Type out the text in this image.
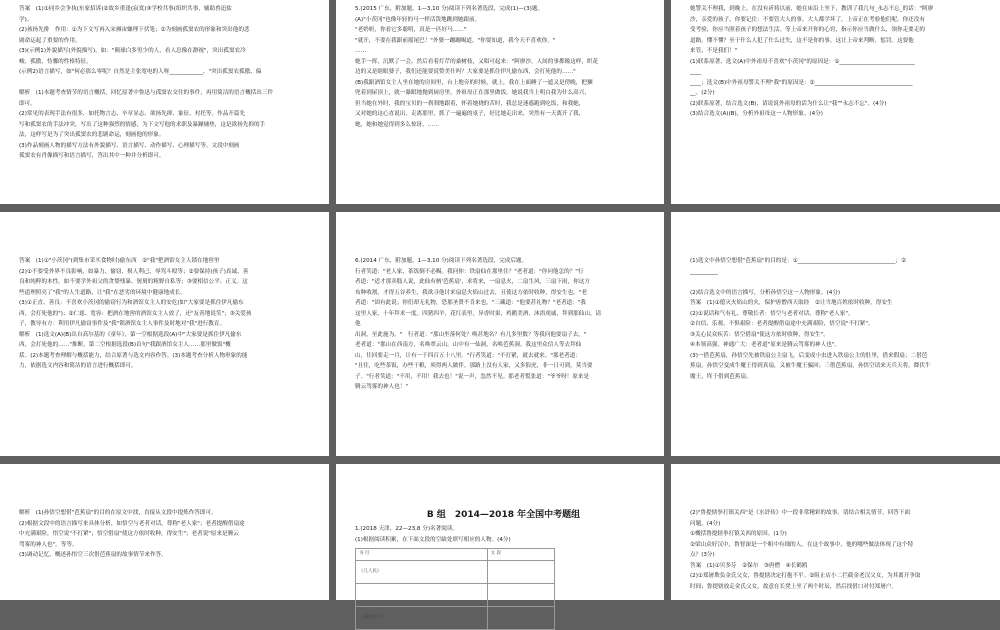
答案　(1)①同乡会争执(东家招诉)②故乡重逢(寂寞)③学校共事(组织共事，辅助兽迅盐
学)。
(2)孩扬先排　作用：①为下文写再入宋褥宙嫌理下伏笔；②为刻画孤窦农的形象和突出他的悲
剧命运起了重要的作用。
(3)(示例1)外貌描写(外貌描写)，如："颠球白多男少的人，看人总像在渺视"，突出孤窦农冷
峻、孤傲、恃馨的性格特征。
(示例2)语言描写，如"何必那么零呢？自然是主张宽电的人呀____________，"突出孤窦农孤傲、偏

解析　(1)本题考查情节的语言概括，回忆原著中鲁迅与孤窦农交往的事件，再用简洁的语言概括出三件
即可。
(2)常见的表现手法有很多，如托物言志、卒章显志、欲扬先抑、象征、衬托等。作品开篇先
写和孤窦农的手法冲突，写出了这种强烈的情感，为下文写他的求职及暴躁辅垫，这是欲扬先抑的手
法，这样写是为了突出孤窦农的悲剧命运，刻画他的形象。
(3)作品刻画人物的描写方法有外貌描写、语言描写、动作描写、心理描写等。文段中刻画
孤窦农有肖像描写和语言描写，答出其中一种并分析即可。
5.(2015 广东，附加题，1—3,10 分)阅读下列名著选段，完成(1)—(3)题。
(A)"小茨冈"也像年轻的马一样活泼地跳到她跟前。
"老奶奶，你看它多聪明，真是一匹好马……"
"就开，不要在我跟前摇尾巴！"外婆一蹦蹦喝道，"你要知道，我今天不喜欢你。"
……
她手一挥，沉默了一会，然后看着灯芹的桑树枝，又唱可起来："阿廖沙，人间的事都像这样，织花
边的又是瞎眼婆子，我们还能要说赞美什吗？大家要是抓住伊凡偷东西，会打死他的……"
(B)我跟酒馆女主人坐在她的房间里，台上地旁的时候，就上，我在上面睡了一遮又是傍晚，把捆
兜着到屋顶上，就一瀑眼地抛到厨房里，外祖母正在那里做饭。她说我当上明白我为什么高兴，
但当她在外时，我的宝贝的一刹刹地跟着，怀着她挠的苦时，我总是迷惑跑到吃饭，和我她，
又对她的这心直说出，走离那里，抓了一遍遍的桌子，好比她走出来，突然有一天离开了我，
她，她和她觉得到多么惊讶。……
她警关不理我，到晚上，在没有祈祷以前，她在床沿上坐下，教训了我几句_永志不忘_的话："阿廖
沙，亲爱的孩子，你要记住：不要管大人的事。大人都学坏了，上帝正在考验他们呢。你还没有
受考验，你应当照着孩子的想法生活。等上帝来开你的心窍，指示你应当做什么，领你走要走的
道路。懂不懂？至于什么人犯了什么过失，这不是你的事。这让上帝来判断、惩罚。这要他
来管，不是我们！"
(1)联系原著，选文(A)中外祖母不喜欢"小茨冈"的原因是：①___________________________
____
____；选文(B)中外祖母警关不理"我"的原因是：②___________________________________
__。(2分)
(2)联系原著，结合选文(B)，请说说外祖母的话为什么让"我""永志不忘"。(4分)
(3)结合选文(A)(B)，分析外祖母这一人物形象。(4分)
答案　(1)①"小茨冈"(到集市采买食物时)偷东西　②"我"把酒馆女主人锁在地窖里
(2)①不要受外界不良影响，如暴力、偷窃、损人利己、辱骂斗殴等；②要保持(孩子)真诚、善
良和纯粹的本性，如不要学外祖父的贪婪残暴、舅舅的粗野自私等；③要相信公平、正义。这
些道理照亮了"我"的人生道路，让"我"在恶劣的环境中健康地成长。
(3)①正直、善良：不喜欢小茨冈的偷窃行为和酒馆女主人的安危(如"大家要是抓住伊凡偷东
西，会打死他的")；②仁慈、宽容：把酒在地窖的酒馆女主人放了，还"友善地说笑"；③关爱孩
子，教导有方：利用伊凡偷窃事件及"我"锁酒馆女主人事件及时地对"我"进行教育。
解析　(1)选文(A)(B)出自高尔基的《童年》，第一空根据选段(A)中"大家要是抓住伊凡偷东
西，会打死他的……"推断，第二空根据选段(B)首句"我跟酒馆女主人……那里做饭"概
括。(2)本题考查理解与概括能力，结合原著与选文内容作答。(3)本题考查分析人物形象的能
力，依据选文内容和简洁的语言进行概括即可。
6.(2014 广东，附加题，1—3,10 分)阅读下列名著选段，完成后题。
行者笑道："老人家，茶饭倒不必赐。我问你：铁扇仙在那里住？"老者道："你问他怎的？"行
者道："适才那卖糕人说，此仙有柄'芭蕉扇'，求将来，一扇息火，二扇生风，三扇下雨，你这方
布种收割，才得五谷养生，我欲寻他讨来扇息火焰山过去，且使这方依时收种，得安生也。"老
者道："固有此说；你们却无礼物，恐那圣贤不肯来也。"三藏道："他要甚礼物？"老者道："我
这里人家，十年拜求一度。四猪四羊，花红表里，异香时果，鸡鹅美酒，沐浴虔诚，拜到那仙山，请
他
出洞，至此施为。"　行者道："那山坐落何处？唤甚地名？有几多里数？等我问他要扇子去。"
老者道："那山在西南方，名唤翠云山。山中有一仙洞，名唤芭蕉洞。我这里众信人等去拜仙
山，往回要走一月，计有一千四百五十八里。"行者笑道："不打紧，就去就来。"那老者道：
"且住，吃些茶饭，办些干粮，须得两人做伴。那路上没有人家，又多狼虎，非一日可到。莫当要
子。"行者笑道："不用，不用！我去也！"说一声，忽然不见。那老者慌张道："爷爷呀！原来是
腾云驾雾的神人也！"
(1)选文中孙悟空想借"芭蕉扇"的目的是：①___________________________________；②
__________

(2)结合选文中的语言描写，分析孙悟空这一人物形象。(4分)
答案　(1)①熄灭火焰山的火，保护唐僧西天取经　②让当地百姓依时收种，得安生
(2)①说话和气有礼、尊敬长者：悟空与老者对话，尊称"老人家"。
②自信、乐观、不惧艰险：老者提醒借扇途中充满艰险，悟空说"不打紧"。
③关心民众疾苦：悟空借扇"使这方依时收种，得安生"。
④本领高强，神通广大：老者道"原来是腾云驾雾的神人也"。
(3)一借芭蕉扇，孙悟空先被铁扇公主扇飞，后变成小虫进入铁扇公主的肚里，借来假扇；二借芭
蕉扇，孙悟空变成牛魔王得到真扇，又被牛魔王骗回；三借芭蕉扇，孙悟空请来天兵天将，降伏牛
魔王，终于借到芭蕉扇。
解析　(1)孙悟空想借"芭蕉扇"的目的在原文中找，直接从文段中提炼作答即可。
(2)根据文段中的语言描写来具体分析，如悟空与老者对话，尊称"老人家"；老者提醒借扇途
中充满艰险，悟空说"不打紧"；悟空借扇"使这方依时收种，得安生"；老者说"原来是腾云
驾雾的神人也"。等等。
(3)调动记忆，概述孙悟空三次借芭蕉扇的故事情节来作答。
B 组　2014—2018 年全国中考题组
1.(2018 天津，22—23,8 分)名著阅读。
(1)根据阅读积累，在下面文段的空缺处填写相应的人物。(4分)
书 目	文 段
《儿人民》	

《骆驼祥子》	
(2)"鲁提辖拳打镇关西"是《水浒传》中一段非常精彩的故事。请结合相关情节，回答下面
问题。(4分)
①概括鲁提辖拳打镇关西的原因。(1分)
②梁山众好汉中，鲁智深是一个粗中有细的人。在这个故事中，他的哪些做法体现了这个特
点？(3分)
答案　(1)①贝多芬　②保尔　③唐僧　④长鹤鸥
(2)①郑屠欺负金氏父女，鲁提辖决定打抱不平。②阻止店小二拦截金老汉父女，为其离开争取
时间；鲁提辖放走金氏父女，故意在长凳上坐了两个时辰，然后找借口对付郑屠户。
